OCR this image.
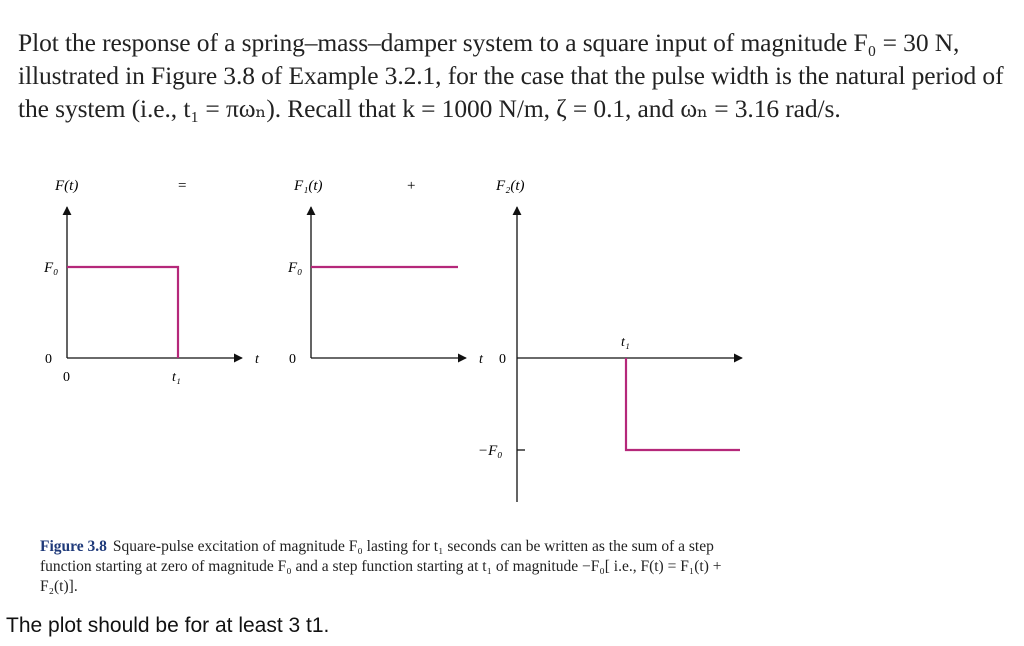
Plot the response of a spring–mass–damper system to a square input of magnitude F₀ = 30 N, illustrated in Figure 3.8 of Example 3.2.1, for the case that the pulse width is the natural period of the system (i.e., t₁ = πωₙ). Recall that k = 1000 N/m, ζ = 0.1, and ωₙ = 3.16 rad/s.

F(t)
F₀
0
0	t₁
t
=	F₁(t)
F₀
0	t
+	F₂(t)
0
t₁
−F₀

Figure 3.8 Square-pulse excitation of magnitude F₀ lasting for t₁ seconds can be written as the sum of a step function starting at zero of magnitude F₀ and a step function starting at t₁ of magnitude −F₀[ i.e., F(t) = F₁(t) + F₂(t)].

The plot should be for at least 3 t1.
